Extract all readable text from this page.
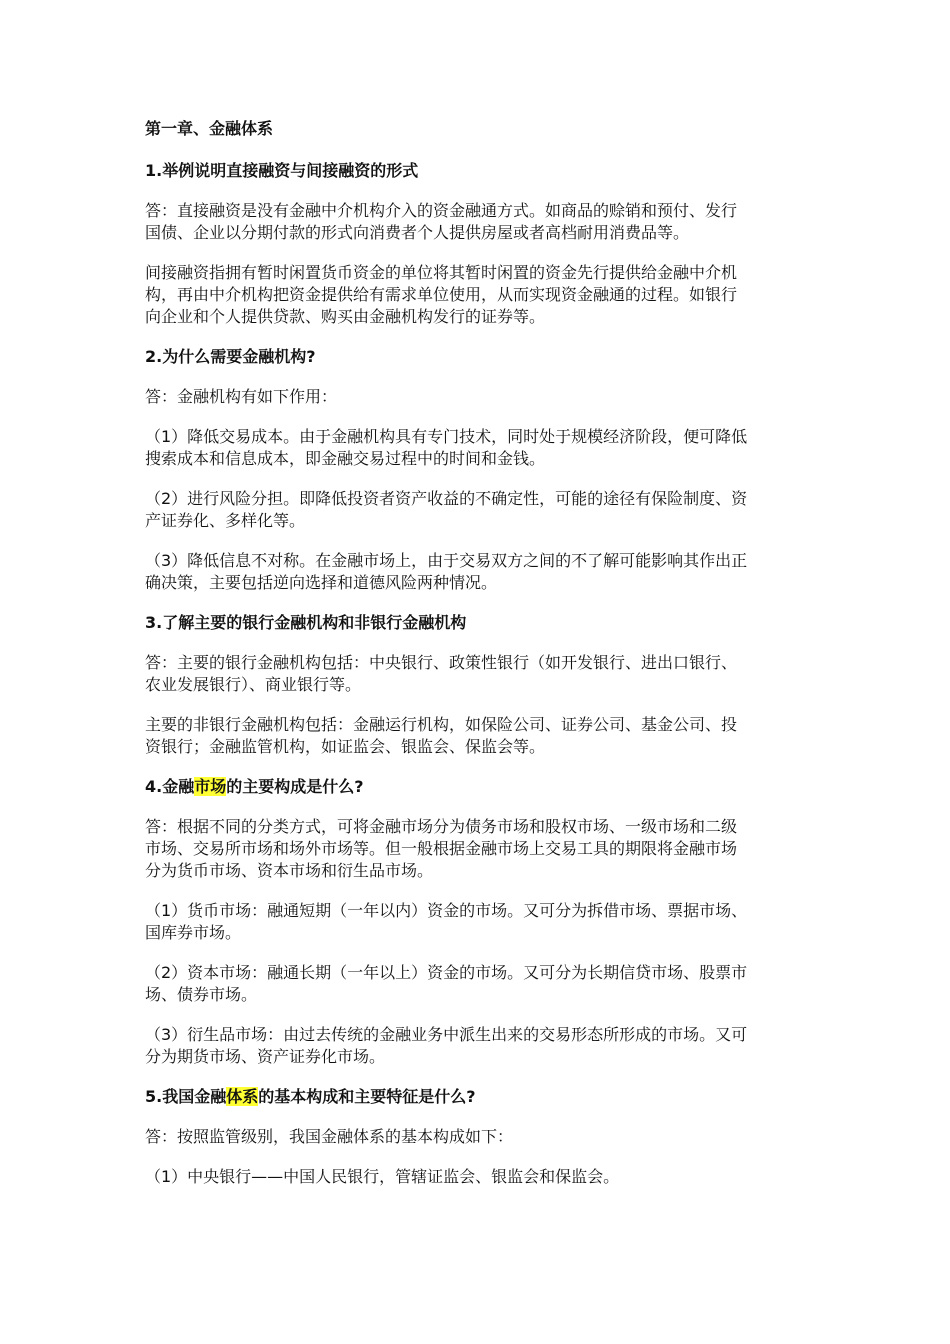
第一章、金融体系
1.举例说明直接融资与间接融资的形式
答：直接融资是没有金融中介机构介入的资金融通方式。如商品的赊销和预付、发行
国债、企业以分期付款的形式向消费者个人提供房屋或者高档耐用消费品等。
间接融资指拥有暂时闲置货币资金的单位将其暂时闲置的资金先行提供给金融中介机
构，再由中介机构把资金提供给有需求单位使用，从而实现资金融通的过程。如银行
向企业和个人提供贷款、购买由金融机构发行的证券等。
2.为什么需要金融机构?
答：金融机构有如下作用：
（1）降低交易成本。由于金融机构具有专门技术，同时处于规模经济阶段，便可降低
搜索成本和信息成本，即金融交易过程中的时间和金钱。
（2）进行风险分担。即降低投资者资产收益的不确定性，可能的途径有保险制度、资
产证券化、多样化等。
（3）降低信息不对称。在金融市场上，由于交易双方之间的不了解可能影响其作出正
确决策，主要包括逆向选择和道德风险两种情况。
3.了解主要的银行金融机构和非银行金融机构
答：主要的银行金融机构包括：中央银行、政策性银行（如开发银行、进出口银行、
农业发展银行）、商业银行等。
主要的非银行金融机构包括：金融运行机构，如保险公司、证券公司、基金公司、投
资银行；金融监管机构，如证监会、银监会、保监会等。
4.金融市场的主要构成是什么?
答：根据不同的分类方式，可将金融市场分为债务市场和股权市场、一级市场和二级
市场、交易所市场和场外市场等。但一般根据金融市场上交易工具的期限将金融市场
分为货币市场、资本市场和衍生品市场。
（1）货币市场：融通短期（一年以内）资金的市场。又可分为拆借市场、票据市场、
国库券市场。
（2）资本市场：融通长期（一年以上）资金的市场。又可分为长期信贷市场、股票市
场、债券市场。
（3）衍生品市场：由过去传统的金融业务中派生出来的交易形态所形成的市场。又可
分为期货市场、资产证券化市场。
5.我国金融体系的基本构成和主要特征是什么?
答：按照监管级别，我国金融体系的基本构成如下：
（1）中央银行——中国人民银行，管辖证监会、银监会和保监会。
